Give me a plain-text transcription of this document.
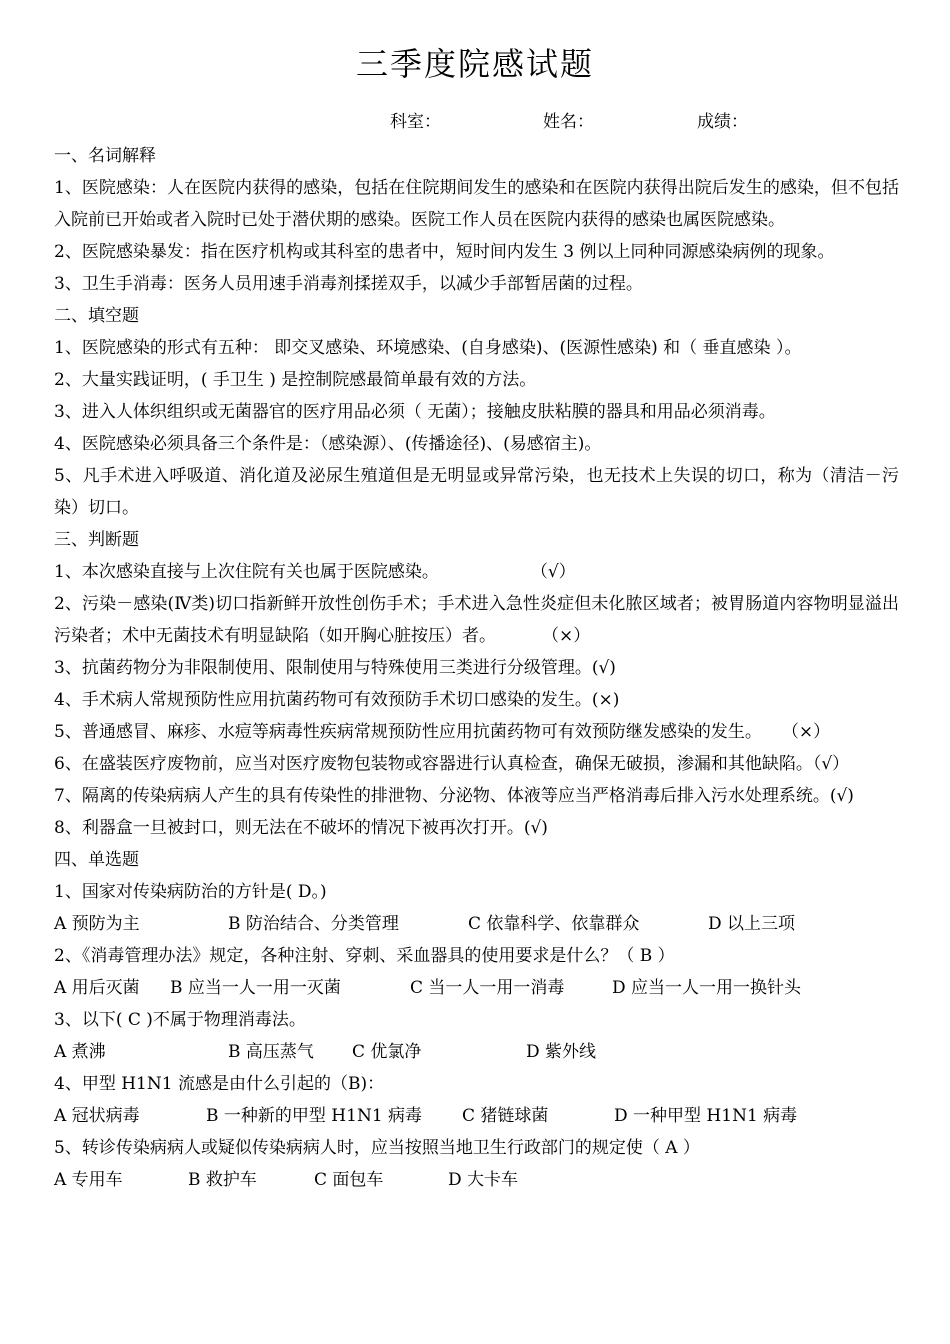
三季度院感试题
科室：	姓名：	成绩：
一、名词解释
1、医院感染：人在医院内获得的感染，包括在住院期间发生的感染和在医院内获得出院后发生的感染，但不包括入院前已开始或者入院时已处于潜伏期的感染。医院工作人员在医院内获得的感染也属医院感染。
2、医院感染暴发：指在医疗机构或其科室的患者中，短时间内发生 3 例以上同种同源感染病例的现象。
3、卫生手消毒：医务人员用速手消毒剂揉搓双手，以减少手部暂居菌的过程。
二、填空题
1、医院感染的形式有五种： 即交叉感染、环境感染、(自身感染)、(医源性感染) 和（ 垂直感染 ）。
2、大量实践证明，( 手卫生 ) 是控制院感最简单最有效的方法。
3、进入人体织组织或无菌器官的医疗用品必须（ 无菌）；接触皮肤粘膜的器具和用品必须消毒。
4、医院感染必须具备三个条件是：（感染源）、(传播途径)、(易感宿主)。
5、凡手术进入呼吸道、消化道及泌尿生殖道但是无明显或异常污染，也无技术上失误的切口，称为（清洁－污染）切口。
三、判断题
1、本次感染直接与上次住院有关也属于医院感染。	（√）
2、污染－感染(Ⅳ类)切口指新鲜开放性创伤手术；手术进入急性炎症但未化脓区域者；被胃肠道内容物明显溢出污染者；术中无菌技术有明显缺陷（如开胸心脏按压）者。	（×）
3、抗菌药物分为非限制使用、限制使用与特殊使用三类进行分级管理。(√)
4、手术病人常规预防性应用抗菌药物可有效预防手术切口感染的发生。(×)
5、普通感冒、麻疹、水痘等病毒性疾病常规预防性应用抗菌药物可有效预防继发感染的发生。 （×）
6、在盛装医疗废物前，应当对医疗废物包装物或容器进行认真检查，确保无破损，渗漏和其他缺陷。（√）
7、隔离的传染病病人产生的具有传染性的排泄物、分泌物、体液等应当严格消毒后排入污水处理系统。(√)
8、利器盒一旦被封口，则无法在不破坏的情况下被再次打开。(√)
四、单选题
1、国家对传染病防治的方针是( D。)
A 预防为主	B 防治结合、分类管理	C 依靠科学、依靠群众	D 以上三项
2、《消毒管理办法》规定，各种注射、穿刺、采血器具的使用要求是什么？（ B ）
A 用后灭菌	B 应当一人一用一灭菌	C 当一人一用一消毒	D 应当一人一用一换针头
3、以下( C )不属于物理消毒法。
A 煮沸	B 高压蒸气	C 优氯净	D 紫外线
4、甲型 H1N1 流感是由什么引起的（B)：
A 冠状病毒	B 一种新的甲型 H1N1 病毒	C 猪链球菌	D 一种甲型 H1N1 病毒
5、转诊传染病病人或疑似传染病病人时，应当按照当地卫生行政部门的规定使（ A ）
A 专用车	B 救护车	C 面包车	D 大卡车
